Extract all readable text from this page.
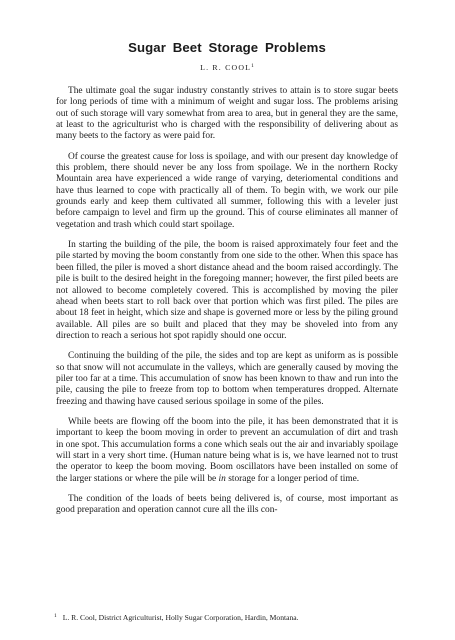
Sugar Beet Storage Problems
L. R. COOL$^1$

The ultimate goal the sugar industry constantly strives to attain is to store sugar beets for long periods of time with a minimum of weight and sugar loss. The problems arising out of such storage will vary somewhat from area to area, but in general they are the same, at least to the agriculturist who is charged with the responsibility of delivering about as many beets to the factory as were paid for.

Of course the greatest cause for loss is spoilage, and with our present day knowledge of this problem, there should never be any loss from spoilage. We in the northern Rocky Mountain area have experienced a wide range of varying, deteriomental conditions and have thus learned to cope with practically all of them. To begin with, we work our pile grounds early and keep them cultivated all summer, following this with a leveler just before campaign to level and firm up the ground. This of course eliminates all manner of vegetation and trash which could start spoilage.

In starting the building of the pile, the boom is raised approximately four feet and the pile started by moving the boom constantly from one side to the other. When this space has been filled, the piler is moved a short distance ahead and the boom raised accordingly. The pile is built to the desired height in the foregoing manner; however, the first piled beets are not allowed to become completely covered. This is accomplished by moving the piler ahead when beets start to roll back over that portion which was first piled. The piles are about 18 feet in height, which size and shape is governed more or less by the piling ground available. All piles are so built and placed that they may be shoveled into from any direction to reach a serious hot spot rapidly should one occur.

Continuing the building of the pile, the sides and top are kept as uniform as is possible so that snow will not accumulate in the valleys, which are generally caused by moving the piler too far at a time. This accumulation of snow has been known to thaw and run into the pile, causing the pile to freeze from top to bottom when temperatures dropped. Alternate freezing and thawing have caused serious spoilage in some of the piles.

While beets are flowing off the boom into the pile, it has been demonstrated that it is important to keep the boom moving in order to prevent an accumulation of dirt and trash in one spot. This accumulation forms a cone which seals out the air and invariably spoilage will start in a very short time. (Human nature being what is is, we have learned not to trust the operator to keep the boom moving. Boom oscillators have been installed on some of the larger stations or where the pile will be in storage for a longer period of time.

The condition of the loads of beets being delivered is, of course, most important as good preparation and operation cannot cure all the ills con-

$^1$ L. R. Cool, District Agriculturist, Holly Sugar Corporation, Hardin, Montana.
